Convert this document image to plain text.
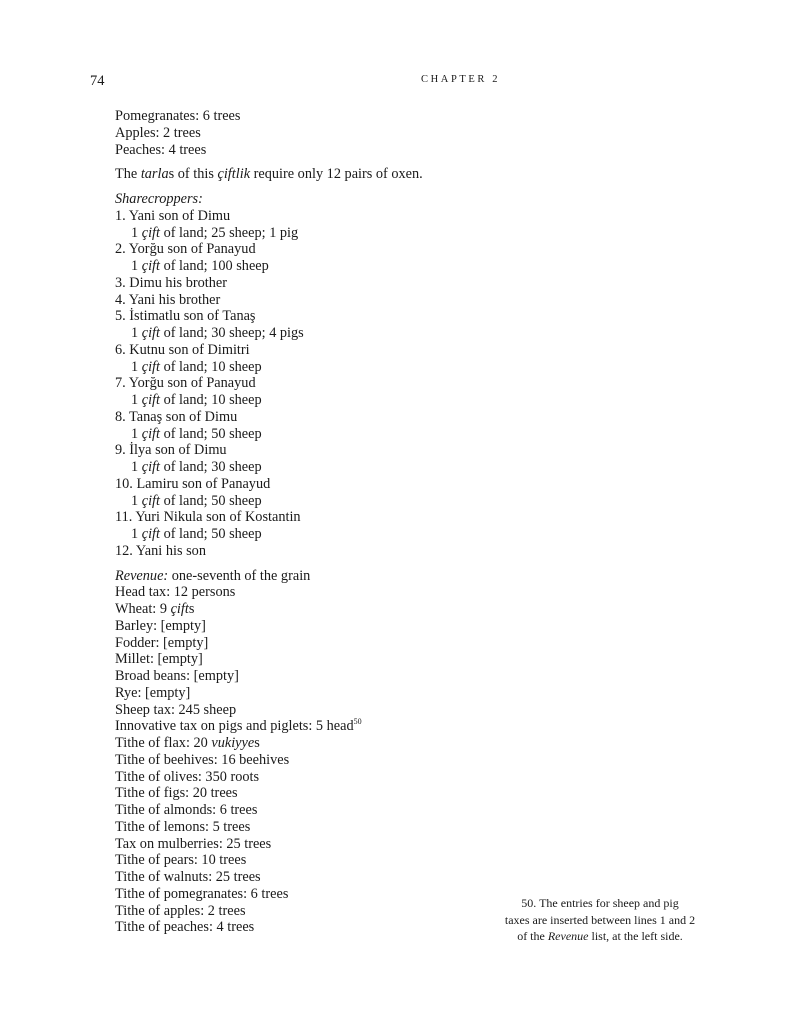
74	CHAPTER 2
Pomegranates: 6 trees
Apples: 2 trees
Peaches: 4 trees
The tarlas of this çiftlik require only 12 pairs of oxen.
Sharecroppers:
1. Yani son of Dimu
1 çift of land; 25 sheep; 1 pig
2. Yorğu son of Panayud
1 çift of land; 100 sheep
3. Dimu his brother
4. Yani his brother
5. İstimatlu son of Tanaş
1 çift of land; 30 sheep; 4 pigs
6. Kutnu son of Dimitri
1 çift of land; 10 sheep
7. Yorğu son of Panayud
1 çift of land; 10 sheep
8. Tanaş son of Dimu
1 çift of land; 50 sheep
9. İlya son of Dimu
1 çift of land; 30 sheep
10. Lamiru son of Panayud
1 çift of land; 50 sheep
11. Yuri Nikula son of Kostantin
1 çift of land; 50 sheep
12. Yani his son
Revenue: one-seventh of the grain
Head tax: 12 persons
Wheat: 9 çifts
Barley: [empty]
Fodder: [empty]
Millet: [empty]
Broad beans: [empty]
Rye: [empty]
Sheep tax: 245 sheep
Innovative tax on pigs and piglets: 5 head$^{50}$
Tithe of flax: 20 vukiyyes
Tithe of beehives: 16 beehives
Tithe of olives: 350 roots
Tithe of figs: 20 trees
Tithe of almonds: 6 trees
Tithe of lemons: 5 trees
Tax on mulberries: 25 trees
Tithe of pears: 10 trees
Tithe of walnuts: 25 trees
Tithe of pomegranates: 6 trees
Tithe of apples: 2 trees
Tithe of peaches: 4 trees
50. The entries for sheep and pig
taxes are inserted between lines 1 and 2
of the Revenue list, at the left side.
